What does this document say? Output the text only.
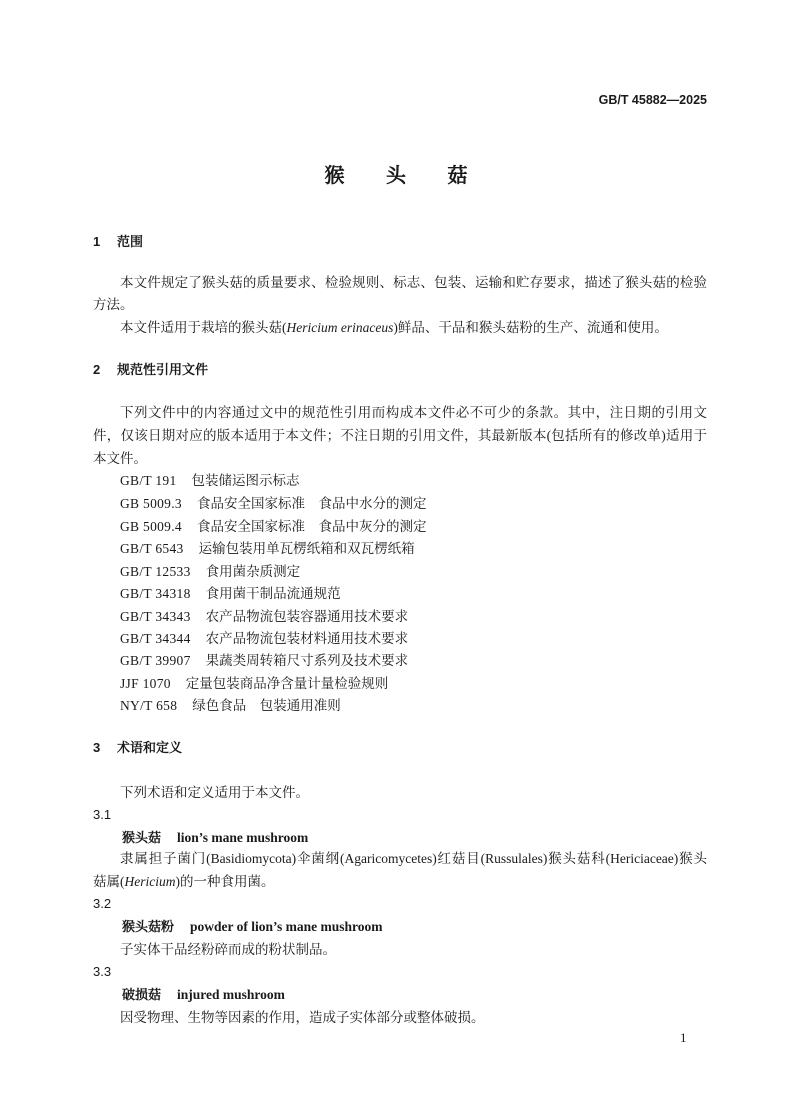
GB/T 45882—2025
猴 头 菇
1 范围
本文件规定了猴头菇的质量要求、检验规则、标志、包装、运输和贮存要求，描述了猴头菇的检验
方法。
本文件适用于栽培的猴头菇(Hericium erinaceus)鲜品、干品和猴头菇粉的生产、流通和使用。
2 规范性引用文件
下列文件中的内容通过文中的规范性引用而构成本文件必不可少的条款。其中，注日期的引用文
件，仅该日期对应的版本适用于本文件；不注日期的引用文件，其最新版本(包括所有的修改单)适用于
本文件。
GB/T 191 包装储运图示标志
GB 5009.3 食品安全国家标准　食品中水分的测定
GB 5009.4 食品安全国家标准　食品中灰分的测定
GB/T 6543 运输包装用单瓦楞纸箱和双瓦楞纸箱
GB/T 12533 食用菌杂质测定
GB/T 34318 食用菌干制品流通规范
GB/T 34343 农产品物流包装容器通用技术要求
GB/T 34344 农产品物流包装材料通用技术要求
GB/T 39907 果蔬类周转箱尺寸系列及技术要求
JJF 1070 定量包装商品净含量计量检验规则
NY/T 658 绿色食品　包装通用准则
3 术语和定义
下列术语和定义适用于本文件。
3.1
猴头菇 lion’s mane mushroom
隶属担子菌门(Basidiomycota)伞菌纲(Agaricomycetes)红菇目(Russulales)猴头菇科(Hericiaceae)猴头
菇属(Hericium)的一种食用菌。
3.2
猴头菇粉 powder of lion’s mane mushroom
子实体干品经粉碎而成的粉状制品。
3.3
破损菇 injured mushroom
因受物理、生物等因素的作用，造成子实体部分或整体破损。
1
